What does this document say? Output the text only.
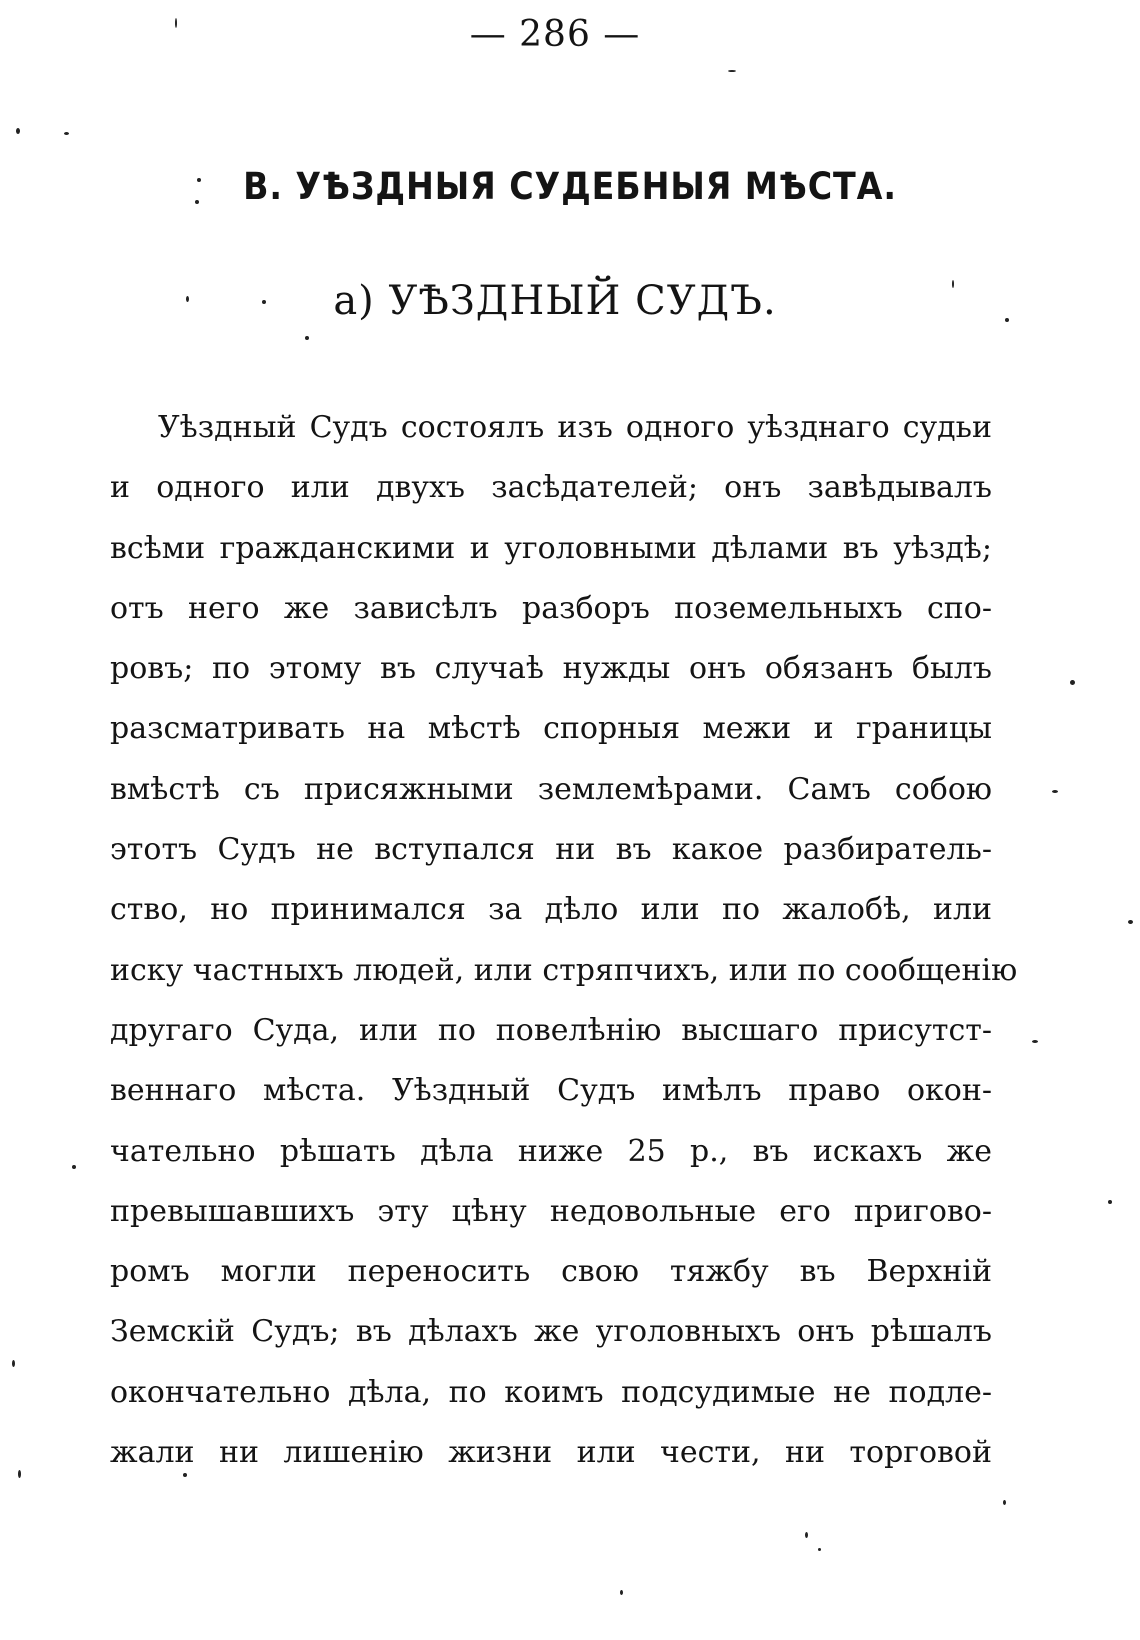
— 286 —
В. УѢЗДНЫЯ СУДЕБНЫЯ МѢСТА.
а) УѢЗДНЫЙ СУДЪ.
Уѣздный Судъ состоялъ изъ одного уѣзднаго судьи
и одного или двухъ засѣдателей; онъ завѣдывалъ
всѣми гражданскими и уголовными дѣлами въ уѣздѣ;
отъ него же зависѣлъ разборъ поземельныхъ спо-
ровъ; по этому въ случаѣ нужды онъ обязанъ былъ
разсматривать на мѣстѣ спорныя межи и границы
вмѣстѣ съ присяжными землемѣрами. Самъ собою
этотъ Судъ не вступался ни въ какое разбиратель-
ство, но принимался за дѣло или по жалобѣ, или
иску частныхъ людей, или стряпчихъ, или по сообщенію
другаго Суда, или по повелѣнію высшаго присутст-
веннаго мѣста. Уѣздный Судъ имѣлъ право окон-
чательно рѣшать дѣла ниже 25 р., въ искахъ же
превышавшихъ эту цѣну недовольные его пригово-
ромъ могли переносить свою тяжбу въ Верхній
Земскій Судъ; въ дѣлахъ же уголовныхъ онъ рѣшалъ
окончательно дѣла, по коимъ подсудимые не подле-
жали ни лишенію жизни или чести, ни торговой
